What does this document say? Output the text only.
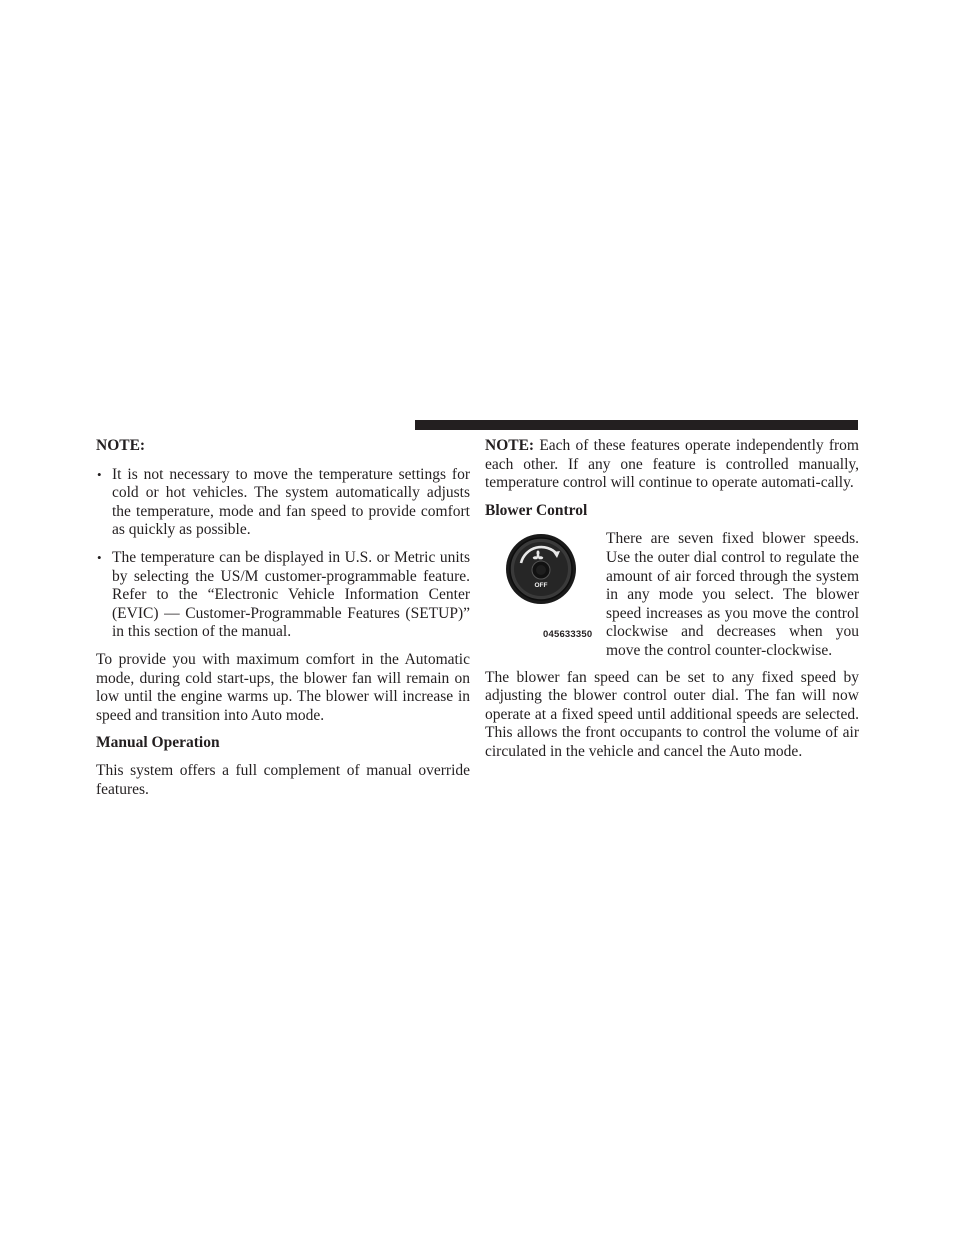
NOTE:

• It is not necessary to move the temperature settings for cold or hot vehicles. The system automatically adjusts the temperature, mode and fan speed to provide comfort as quickly as possible.
• The temperature can be displayed in U.S. or Metric units by selecting the US/M customer-programmable feature. Refer to the “Electronic Vehicle Information Center (EVIC) — Customer-Programmable Features (SETUP)” in this section of the manual.

To provide you with maximum comfort in the Automatic mode, during cold start-ups, the blower fan will remain on low until the engine warms up. The blower will increase in speed and transition into Auto mode.

Manual Operation

This system offers a full complement of manual override features.

NOTE: Each of these features operate independently from each other. If any one feature is controlled manually, temperature control will continue to operate automati-cally.

Blower Control

OFF
045633350

There are seven fixed blower speeds. Use the outer dial control to regulate the amount of air forced through the system in any mode you select. The blower speed increases as you move the control clockwise and decreases when you move the control counter-clockwise.

The blower fan speed can be set to any fixed speed by adjusting the blower control outer dial. The fan will now operate at a fixed speed until additional speeds are selected. This allows the front occupants to control the volume of air circulated in the vehicle and cancel the Auto mode.
